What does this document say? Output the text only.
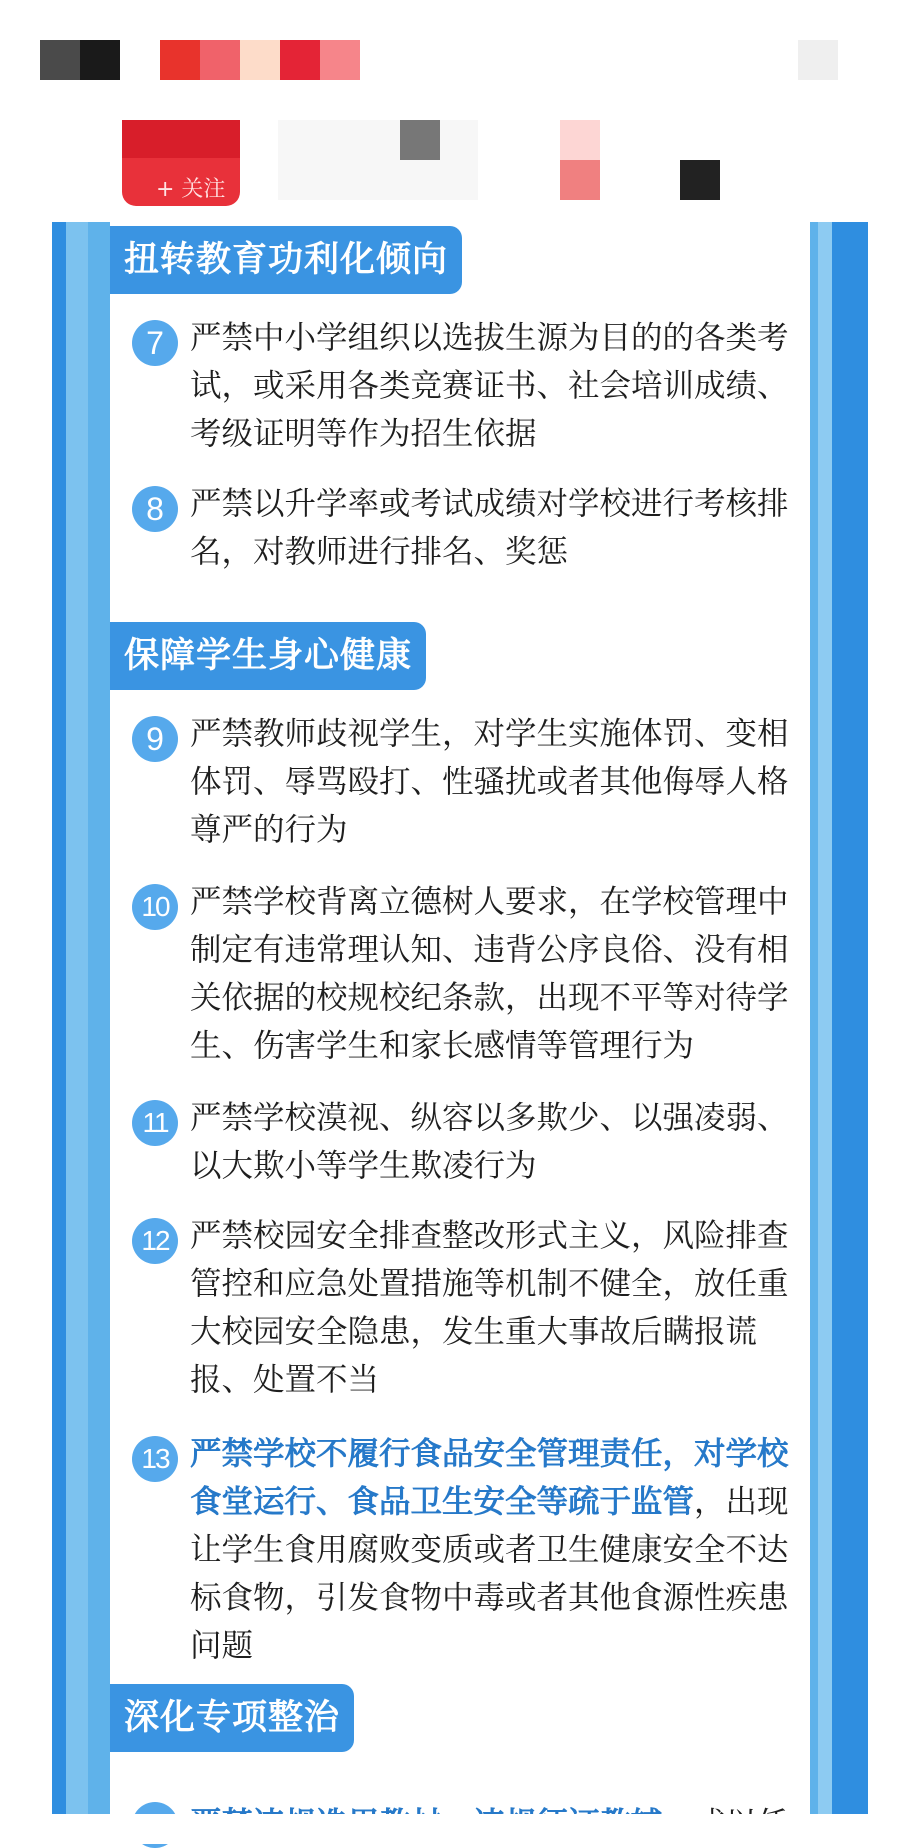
+ 关注
扭转教育功利化倾向
7 严禁中小学组织以选拔生源为目的的各类考试，或采用各类竞赛证书、社会培训成绩、考级证明等作为招生依据
8 严禁以升学率或考试成绩对学校进行考核排名，对教师进行排名、奖惩
保障学生身心健康
9 严禁教师歧视学生，对学生实施体罚、变相体罚、辱骂殴打、性骚扰或者其他侮辱人格尊严的行为
10 严禁学校背离立德树人要求，在学校管理中制定有违常理认知、违背公序良俗、没有相关依据的校规校纪条款，出现不平等对待学生、伤害学生和家长感情等管理行为
11 严禁学校漠视、纵容以多欺少、以强凌弱、以大欺小等学生欺凌行为
12 严禁校园安全排查整改形式主义，风险排查管控和应急处置措施等机制不健全，放任重大校园安全隐患，发生重大事故后瞒报谎报、处置不当
13 严禁学校不履行食品安全管理责任，对学校食堂运行、食品卫生安全等疏于监管，出现让学生食用腐败变质或者卫生健康安全不达标食物，引发食物中毒或者其他食源性疾患问题
深化专项整治
